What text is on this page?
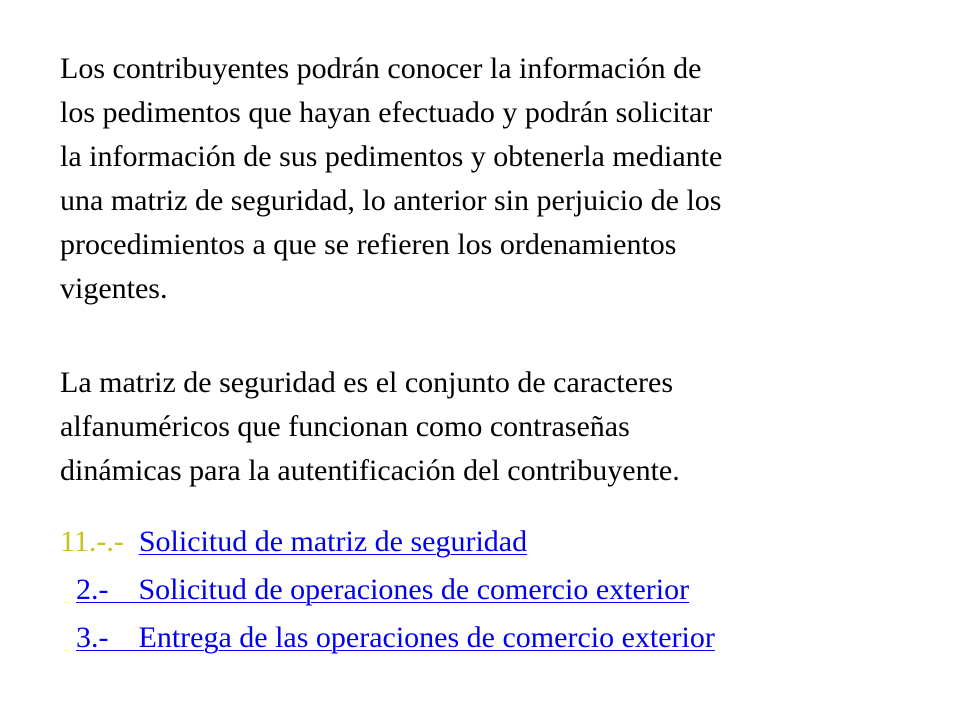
Los contribuyentes podrán conocer la información de
los pedimentos que hayan efectuado y podrán solicitar
la información de sus pedimentos y obtenerla mediante
una matriz de seguridad, lo anterior sin perjuicio de los
procedimientos a que se refieren los ordenamientos
vigentes.

La matriz de seguridad es el conjunto de caracteres
alfanuméricos que funcionan como contraseñas
dinámicas para la autentificación del contribuyente.

11.-.- Solicitud de matriz de seguridad
2.-    Solicitud de operaciones de comercio exterior
3.-    Entrega de las operaciones de comercio exterior
